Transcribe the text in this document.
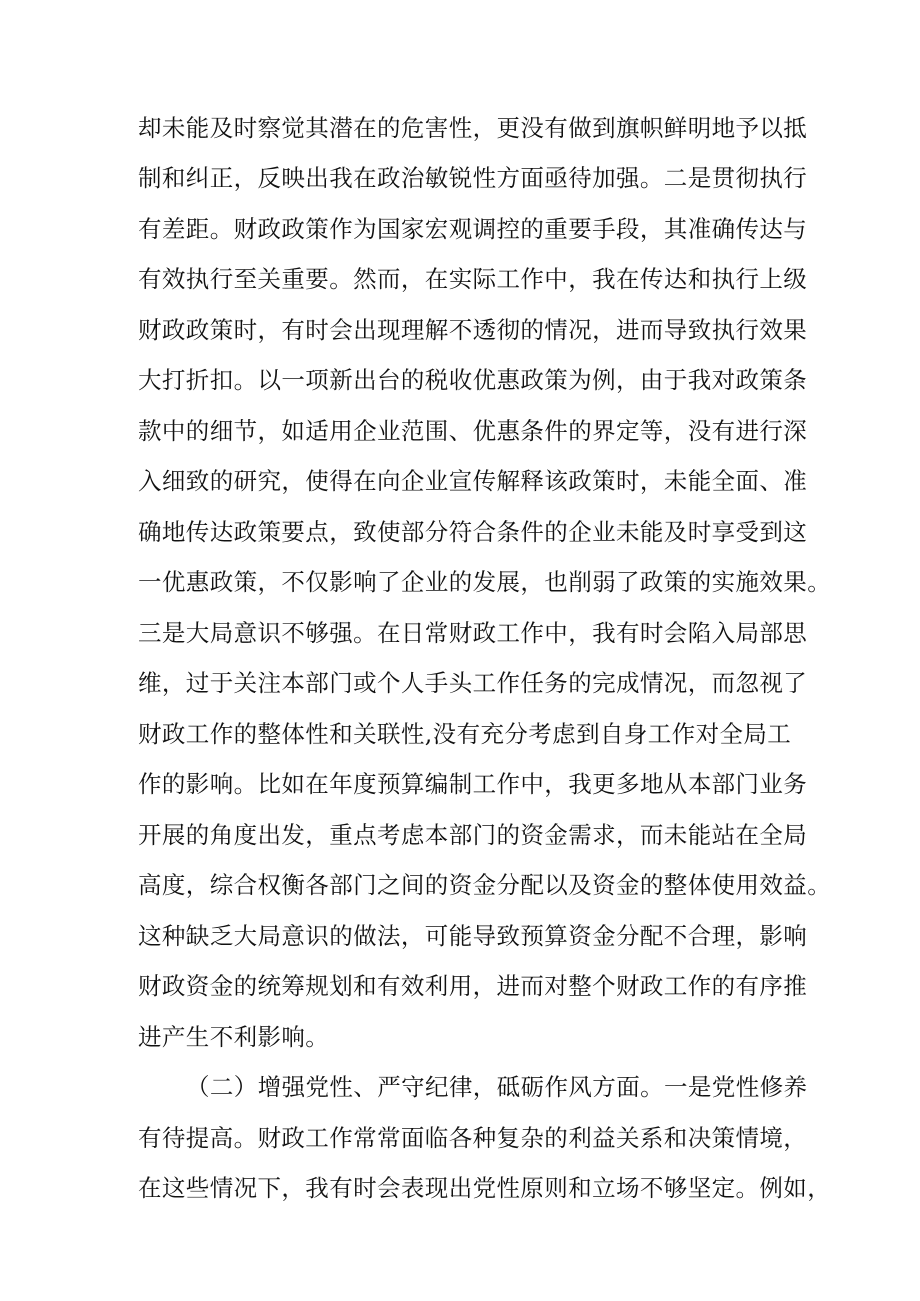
却未能及时察觉其潜在的危害性，更没有做到旗帜鲜明地予以抵
制和纠正，反映出我在政治敏锐性方面亟待加强。二是贯彻执行
有差距。财政政策作为国家宏观调控的重要手段，其准确传达与
有效执行至关重要。然而，在实际工作中，我在传达和执行上级
财政政策时，有时会出现理解不透彻的情况，进而导致执行效果
大打折扣。以一项新出台的税收优惠政策为例，由于我对政策条
款中的细节，如适用企业范围、优惠条件的界定等，没有进行深
入细致的研究，使得在向企业宣传解释该政策时，未能全面、准
确地传达政策要点，致使部分符合条件的企业未能及时享受到这
一优惠政策，不仅影响了企业的发展，也削弱了政策的实施效果。
三是大局意识不够强。在日常财政工作中，我有时会陷入局部思
维，过于关注本部门或个人手头工作任务的完成情况，而忽视了
财政工作的整体性和关联性,没有充分考虑到自身工作对全局工
作的影响。比如在年度预算编制工作中，我更多地从本部门业务
开展的角度出发，重点考虑本部门的资金需求，而未能站在全局
高度，综合权衡各部门之间的资金分配以及资金的整体使用效益。
这种缺乏大局意识的做法，可能导致预算资金分配不合理，影响
财政资金的统筹规划和有效利用，进而对整个财政工作的有序推
进产生不利影响。
（二）增强党性、严守纪律，砥砺作风方面。一是党性修养
有待提高。财政工作常常面临各种复杂的利益关系和决策情境，
在这些情况下，我有时会表现出党性原则和立场不够坚定。例如，
